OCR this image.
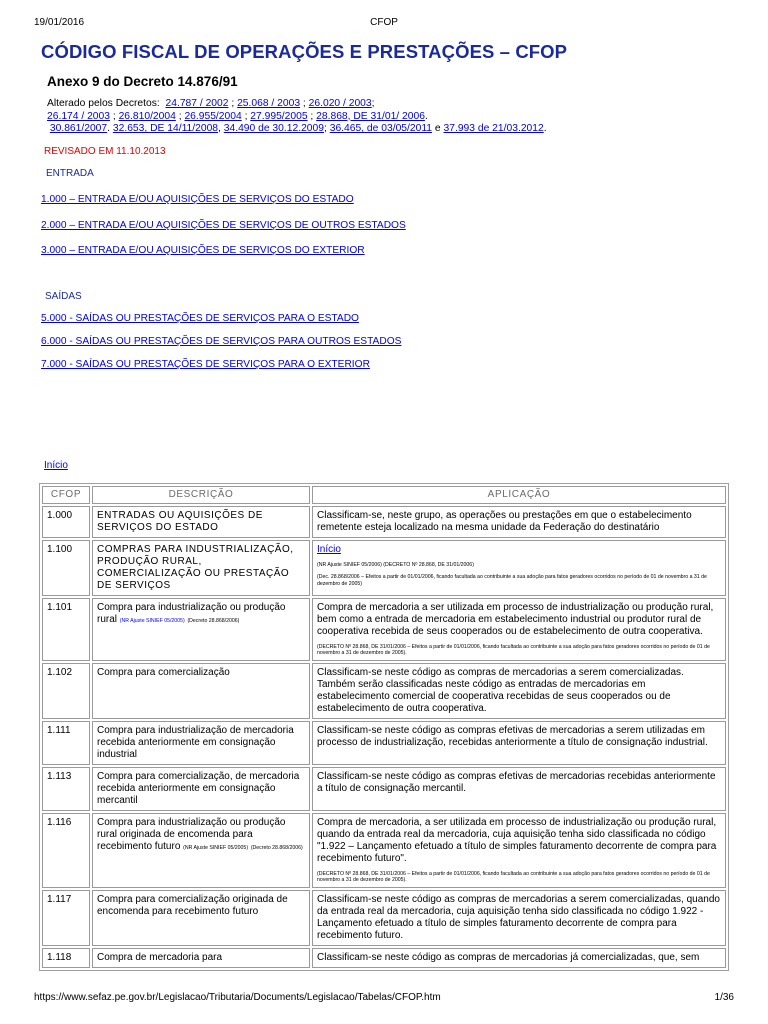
19/01/2016	CFOP
CÓDIGO FISCAL DE OPERAÇÕES E PRESTAÇÕES – CFOP
Anexo 9 do Decreto 14.876/91
Alterado pelos Decretos: 24.787 / 2002 ; 25.068 / 2003 ; 26.020 / 2003;
26.174 / 2003 ; 26.810/2004 ; 26.955/2004 ; 27.995/2005 ; 28.868, DE 31/01/ 2006.
30.861/2007. 32.653, DE 14/11/2008, 34.490 de 30.12.2009; 36.465, de 03/05/2011 e 37.993 de 21/03.2012.
REVISADO EM 11.10.2013
ENTRADA
1.000 – ENTRADA E/OU AQUISIÇÕES DE SERVIÇOS DO ESTADO
2.000 – ENTRADA E/OU AQUISIÇÕES DE SERVIÇOS DE OUTROS ESTADOS
3.000 – ENTRADA E/OU AQUISIÇÕES DE SERVIÇOS DO EXTERIOR
SAÍDAS
5.000 - SAÍDAS OU PRESTAÇÕES DE SERVIÇOS PARA O ESTADO
6.000 - SAÍDAS OU PRESTAÇÕES DE SERVIÇOS PARA OUTROS ESTADOS
7.000 - SAÍDAS OU PRESTAÇÕES DE SERVIÇOS PARA O EXTERIOR
Início
CFOP	DESCRIÇÃO	APLICAÇÃO
1.000	ENTRADAS OU AQUISIÇÕES DE SERVIÇOS DO ESTADO	Classificam-se, neste grupo, as operações ou prestações em que o estabelecimento remetente esteja localizado na mesma unidade da Federação do destinatário
1.100	COMPRAS PARA INDUSTRIALIZAÇÃO, PRODUÇÃO RURAL, COMERCIALIZAÇÃO OU PRESTAÇÃO DE SERVIÇOS	Início
(NR Ajuste SINIEF 05/2006) (DECRETO Nº 28.868, DE 31/01/2006)
(Dec. 28.868/2006 – Efeitos a partir de 01/01/2006, ficando facultada ao contribuinte a sua adoção para fatos geradores ocorridos no período de 01 de novembro a 31 de dezembro de 2005)

1.101	Compra para industrialização ou produção rural (NR Ajuste SINIEF 05/2005) (Decreto 28.868/2006)	Compra de mercadoria a ser utilizada em processo de industrialização ou produção rural, bem como a entrada de mercadoria em estabelecimento industrial ou produtor rural de cooperativa recebida de seus cooperados ou de estabelecimento de outra cooperativa.
(DECRETO Nº 28.868, DE 31/01/2006 – Efeitos a partir de 01/01/2006, ficando facultada ao contribuinte a sua adoção para fatos geradores ocorridos no período de 01 de novembro a 31 de dezembro de 2005).

1.102	Compra para comercialização	Classificam-se neste código as compras de mercadorias a serem comercializadas. Também serão classificadas neste código as entradas de mercadorias em estabelecimento comercial de cooperativa recebidas de seus cooperados ou de estabelecimento de outra cooperativa.
1.111	Compra para industrialização de mercadoria recebida anteriormente em consignação industrial	Classificam-se neste código as compras efetivas de mercadorias a serem utilizadas em processo de industrialização, recebidas anteriormente a título de consignação industrial.
1.113	Compra para comercialização, de mercadoria recebida anteriormente em consignação mercantil	Classificam-se neste código as compras efetivas de mercadorias recebidas anteriormente a título de consignação mercantil.
1.116	Compra para industrialização ou produção rural originada de encomenda para recebimento futuro (NR Ajuste SINIEF 05/2005) (Decreto 28.868/2006)	Compra de mercadoria, a ser utilizada em processo de industrialização ou produção rural, quando da entrada real da mercadoria, cuja aquisição tenha sido classificada no código "1.922 – Lançamento efetuado a título de simples faturamento decorrente de compra para recebimento futuro".
(DECRETO Nº 28.868, DE 31/01/2006 – Efeitos a partir de 01/01/2006, ficando facultada ao contribuinte a sua adoção para fatos geradores ocorridos no período de 01 de novembro a 31 de dezembro de 2005).

1.117	Compra para comercialização originada de encomenda para recebimento futuro	Classificam-se neste código as compras de mercadorias a serem comercializadas, quando da entrada real da mercadoria, cuja aquisição tenha sido classificada no código 1.922 - Lançamento efetuado a título de simples faturamento decorrente de compra para recebimento futuro.
1.118	Compra de mercadoria para	Classificam-se neste código as compras de mercadorias já comercializadas, que, sem
https://www.sefaz.pe.gov.br/Legislacao/Tributaria/Documents/Legislacao/Tabelas/CFOP.htm	1/36
